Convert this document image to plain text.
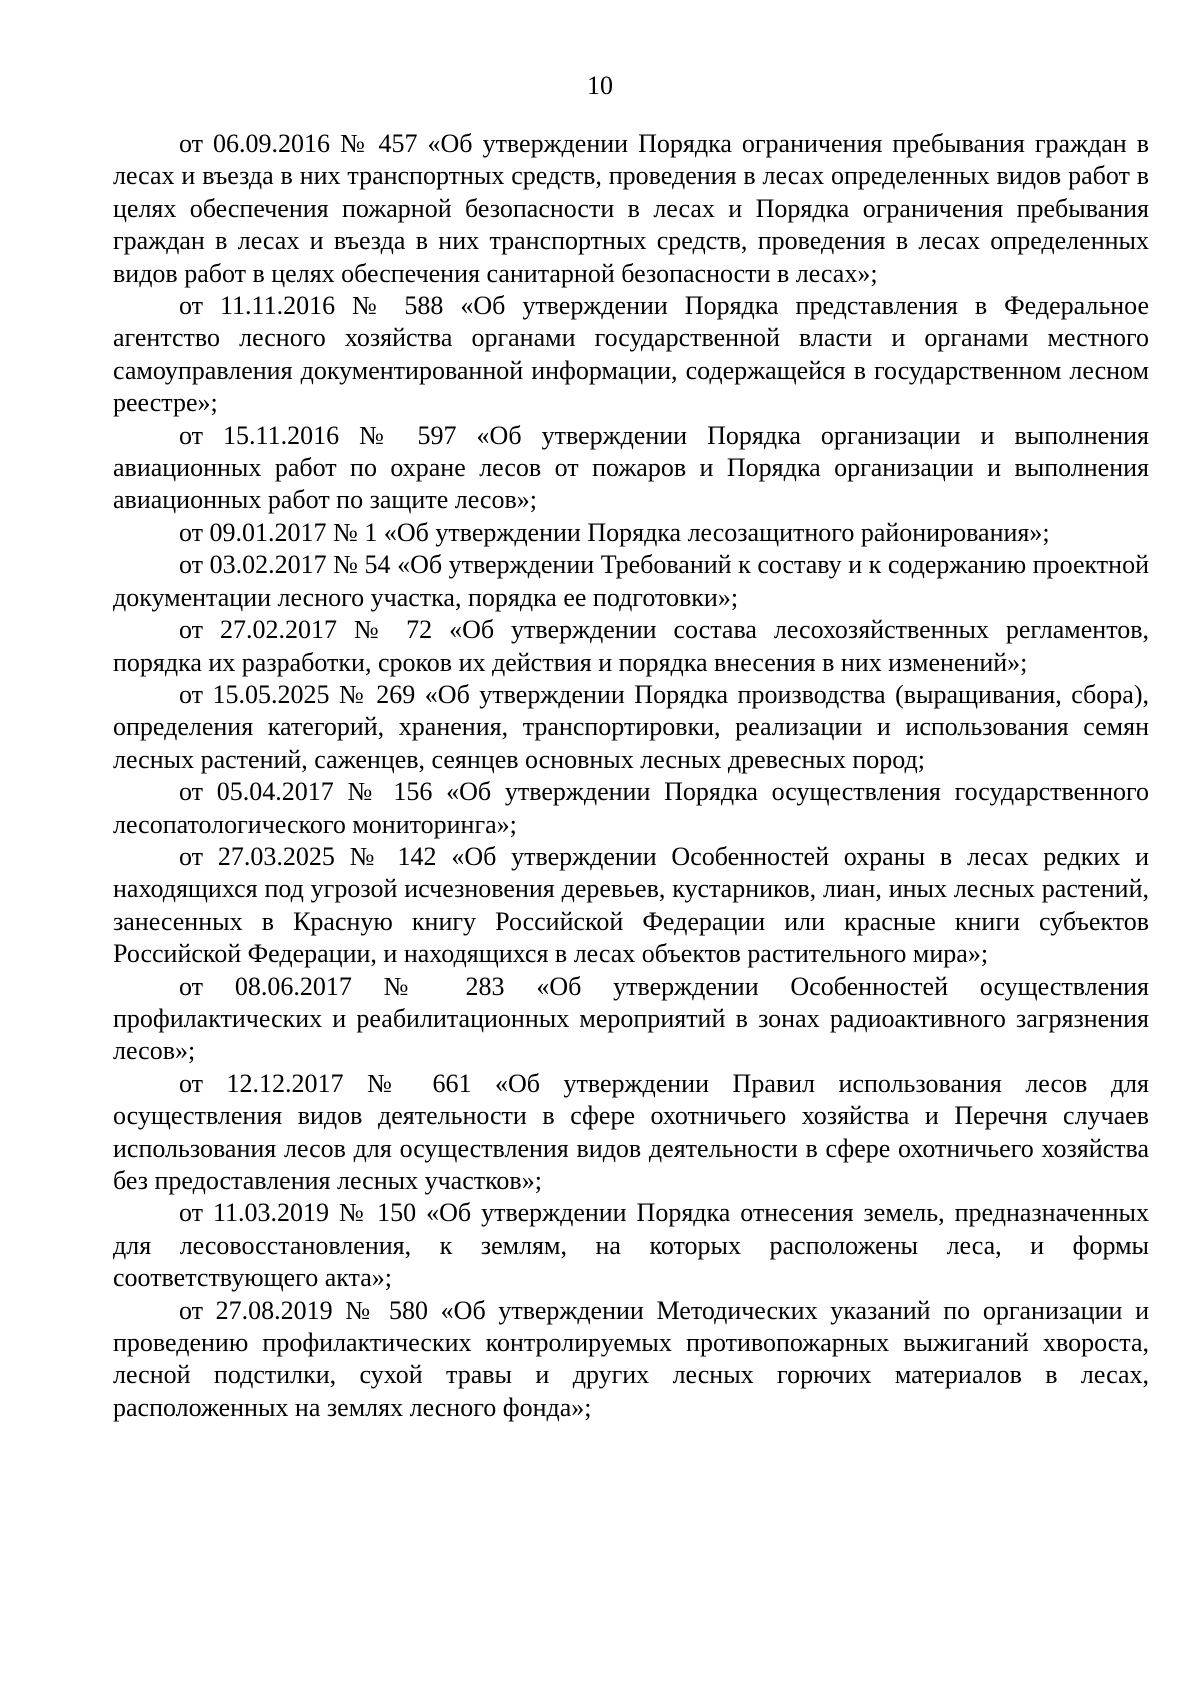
10

от 06.09.2016 № 457 «Об утверждении Порядка ограничения пребывания граждан в лесах и въезда в них транспортных средств, проведения в лесах определенных видов работ в целях обеспечения пожарной безопасности в лесах и Порядка ограничения пребывания граждан в лесах и въезда в них транспортных средств, проведения в лесах определенных видов работ в целях обеспечения санитарной безопасности в лесах»;

от 11.11.2016 № 588 «Об утверждении Порядка представления в Федеральное агентство лесного хозяйства органами государственной власти и органами местного самоуправления документированной информации, содержащейся в государственном лесном реестре»;

от 15.11.2016 № 597 «Об утверждении Порядка организации и выполнения авиационных работ по охране лесов от пожаров и Порядка организации и выполнения авиационных работ по защите лесов»;

от 09.01.2017 № 1 «Об утверждении Порядка лесозащитного районирования»;

от 03.02.2017 № 54 «Об утверждении Требований к составу и к содержанию проектной документации лесного участка, порядка ее подготовки»;

от 27.02.2017 № 72 «Об утверждении состава лесохозяйственных регламентов, порядка их разработки, сроков их действия и порядка внесения в них изменений»;

от 15.05.2025 № 269 «Об утверждении Порядка производства (выращивания, сбора), определения категорий, хранения, транспортировки, реализации и использования семян лесных растений, саженцев, сеянцев основных лесных древесных пород;

от 05.04.2017 № 156 «Об утверждении Порядка осуществления государственного лесопатологического мониторинга»;

от 27.03.2025 № 142 «Об утверждении Особенностей охраны в лесах редких и находящихся под угрозой исчезновения деревьев, кустарников, лиан, иных лесных растений, занесенных в Красную книгу Российской Федерации или красные книги субъектов Российской Федерации, и находящихся в лесах объектов растительного мира»;

от 08.06.2017 № 283 «Об утверждении Особенностей осуществления профилактических и реабилитационных мероприятий в зонах радиоактивного загрязнения лесов»;

от 12.12.2017 № 661 «Об утверждении Правил использования лесов для осуществления видов деятельности в сфере охотничьего хозяйства и Перечня случаев использования лесов для осуществления видов деятельности в сфере охотничьего хозяйства без предоставления лесных участков»;

от 11.03.2019 № 150 «Об утверждении Порядка отнесения земель, предназначенных для лесовосстановления, к землям, на которых расположены леса, и формы соответствующего акта»;

от 27.08.2019 № 580 «Об утверждении Методических указаний по организации и проведению профилактических контролируемых противопожарных выжиганий хвороста, лесной подстилки, сухой травы и других лесных горючих материалов в лесах, расположенных на землях лесного фонда»;
